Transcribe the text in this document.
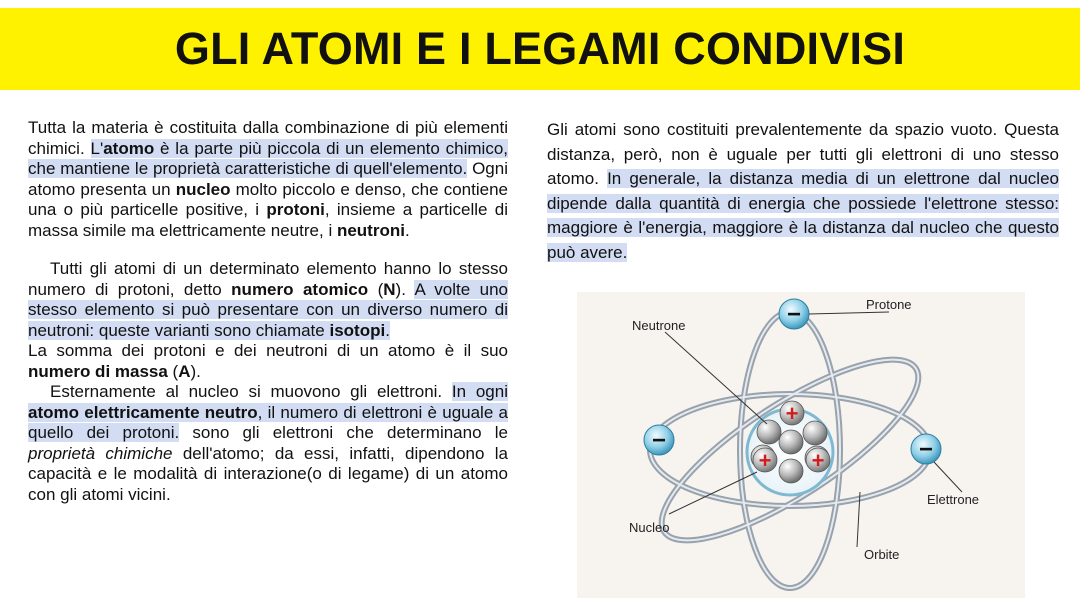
GLI ATOMI E I LEGAMI CONDIVISI

Tutta la materia è costituita dalla combinazione di più elementi chimici. L'atomo è la parte più piccola di un elemento chimico, che mantiene le proprietà caratteristiche di quell'elemento. Ogni atomo presenta un nucleo molto piccolo e denso, che contiene una o più particelle positive, i protoni, insieme a particelle di massa simile ma elettricamente neutre, i neutroni.

Tutti gli atomi di un determinato elemento hanno lo stesso numero di protoni, detto numero atomico (N). A volte uno stesso elemento si può presentare con un diverso numero di neutroni: queste varianti sono chiamate isotopi.

La somma dei protoni e dei neutroni di un atomo è il suo numero di massa (A).

Esternamente al nucleo si muovono gli elettroni. In ogni atomo elettricamente neutro, il numero di elettroni è uguale a quello dei protoni. sono gli elettroni che determinano le proprietà chimiche dell'atomo; da essi, infatti, dipendono la capacità e le modalità di interazione(o di legame) di un atomo con gli atomi vicini.

Gli atomi sono costituiti prevalentemente da spazio vuoto. Questa distanza, però, non è uguale per tutti gli elettroni di uno stesso atomo. In generale, la distanza media di un elettrone dal nucleo dipende dalla quantità di energia che possiede l'elettrone stesso: maggiore è l'energia, maggiore è la distanza dal nucleo che questo può avere.

+
+ +
−
−	−
Protone
Neutrone
Nucleo
Elettrone
Orbite
